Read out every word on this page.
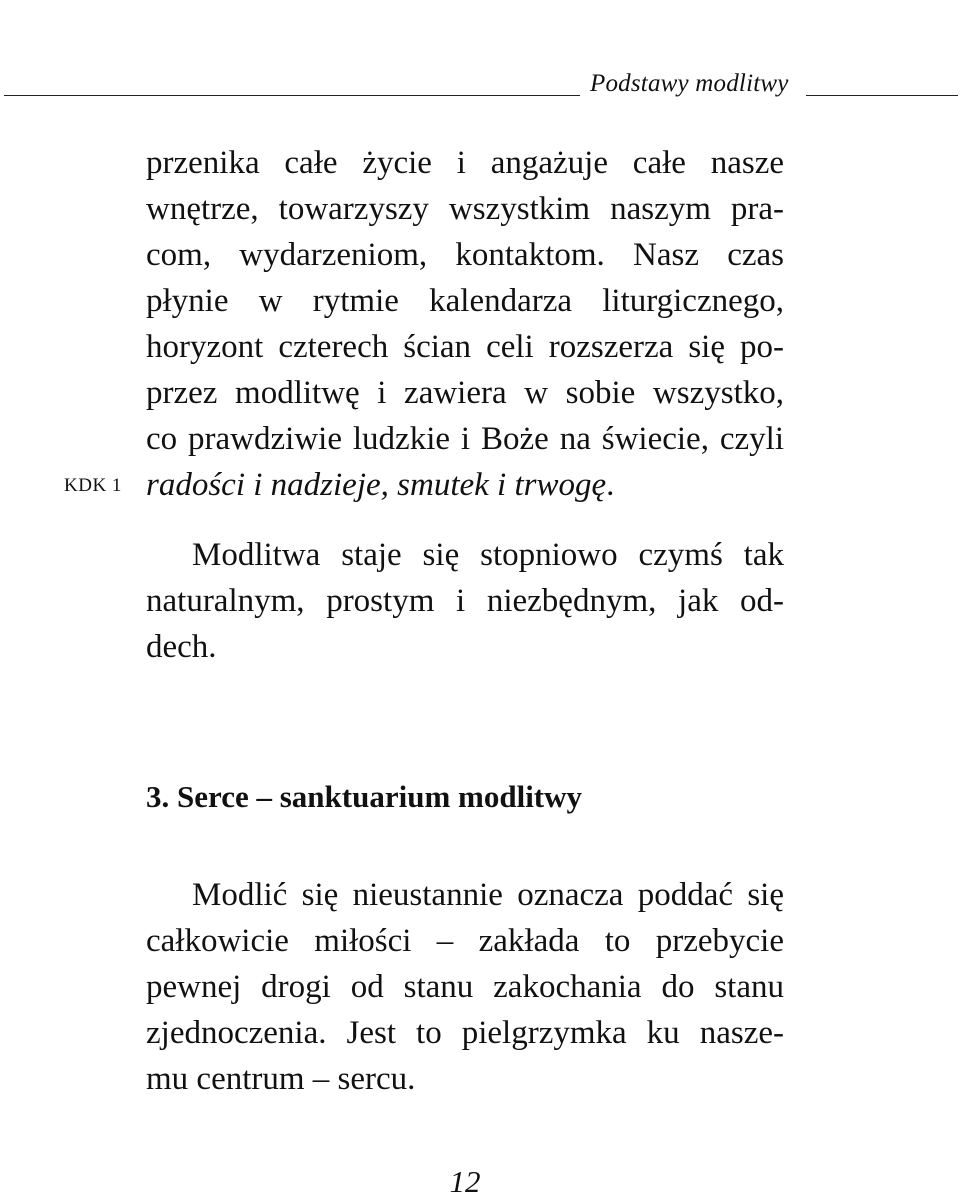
Podstawy modlitwy
KDK 1
przenika całe życie i angażuje całe nasze
wnętrze, towarzyszy wszystkim naszym pra-
com, wydarzeniom, kontaktom. Nasz czas
płynie w rytmie kalendarza liturgicznego,
horyzont czterech ścian celi rozszerza się po-
przez modlitwę i zawiera w sobie wszystko,
co prawdziwie ludzkie i Boże na świecie, czyli
radości i nadzieje, smutek i trwogę.
Modlitwa staje się stopniowo czymś tak
naturalnym, prostym i niezbędnym, jak od-
dech.
3. Serce – sanktuarium modlitwy
Modlić się nieustannie oznacza poddać się
całkowicie miłości – zakłada to przebycie
pewnej drogi od stanu zakochania do stanu
zjednoczenia. Jest to pielgrzymka ku nasze-
mu centrum – sercu.
12
